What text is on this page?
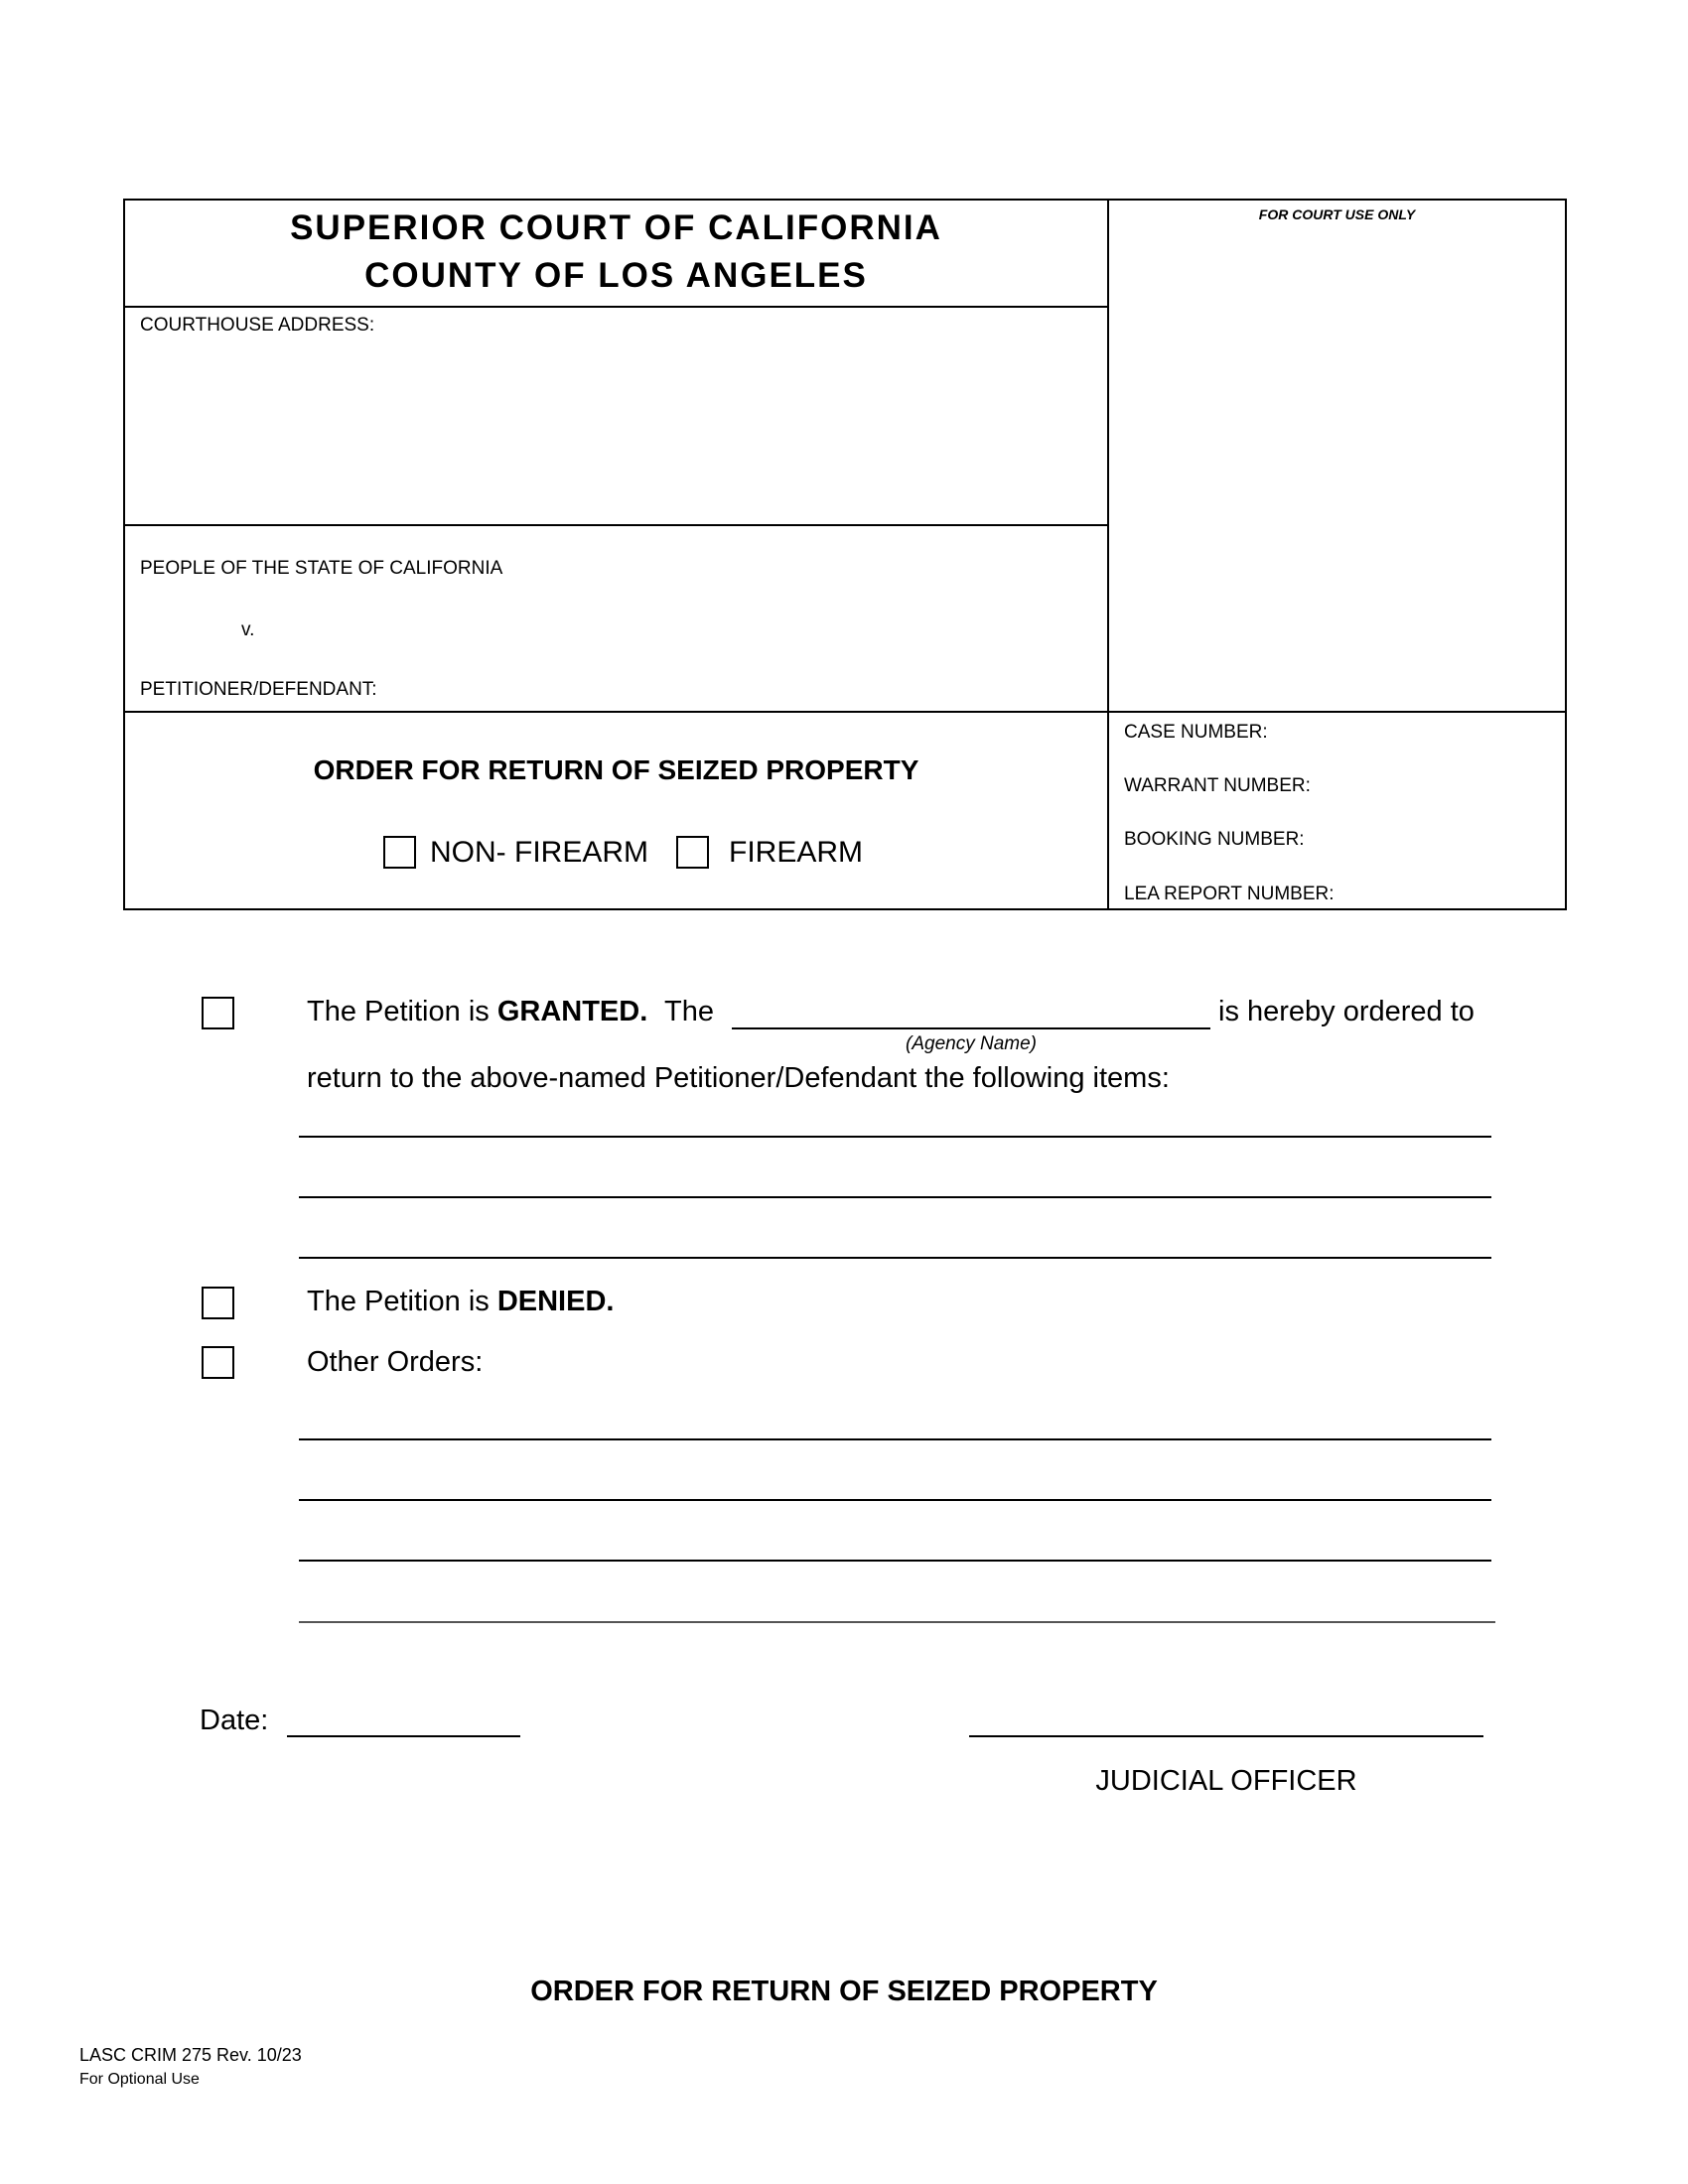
SUPERIOR COURT OF CALIFORNIA
COUNTY OF LOS ANGELES
FOR COURT USE ONLY
COURTHOUSE ADDRESS:
PEOPLE OF THE STATE OF CALIFORNIA
v.
PETITIONER/DEFENDANT:
ORDER FOR RETURN OF SEIZED PROPERTY
NON- FIREARM	FIREARM
CASE NUMBER:
WARRANT NUMBER:
BOOKING NUMBER:
LEA REPORT NUMBER:
The Petition is GRANTED. The	is hereby ordered to
(Agency Name)
return to the above-named Petitioner/Defendant the following items:
The Petition is DENIED.
Other Orders:
Date:
JUDICIAL OFFICER
ORDER FOR RETURN OF SEIZED PROPERTY
LASC CRIM 275 Rev. 10/23
For Optional Use
